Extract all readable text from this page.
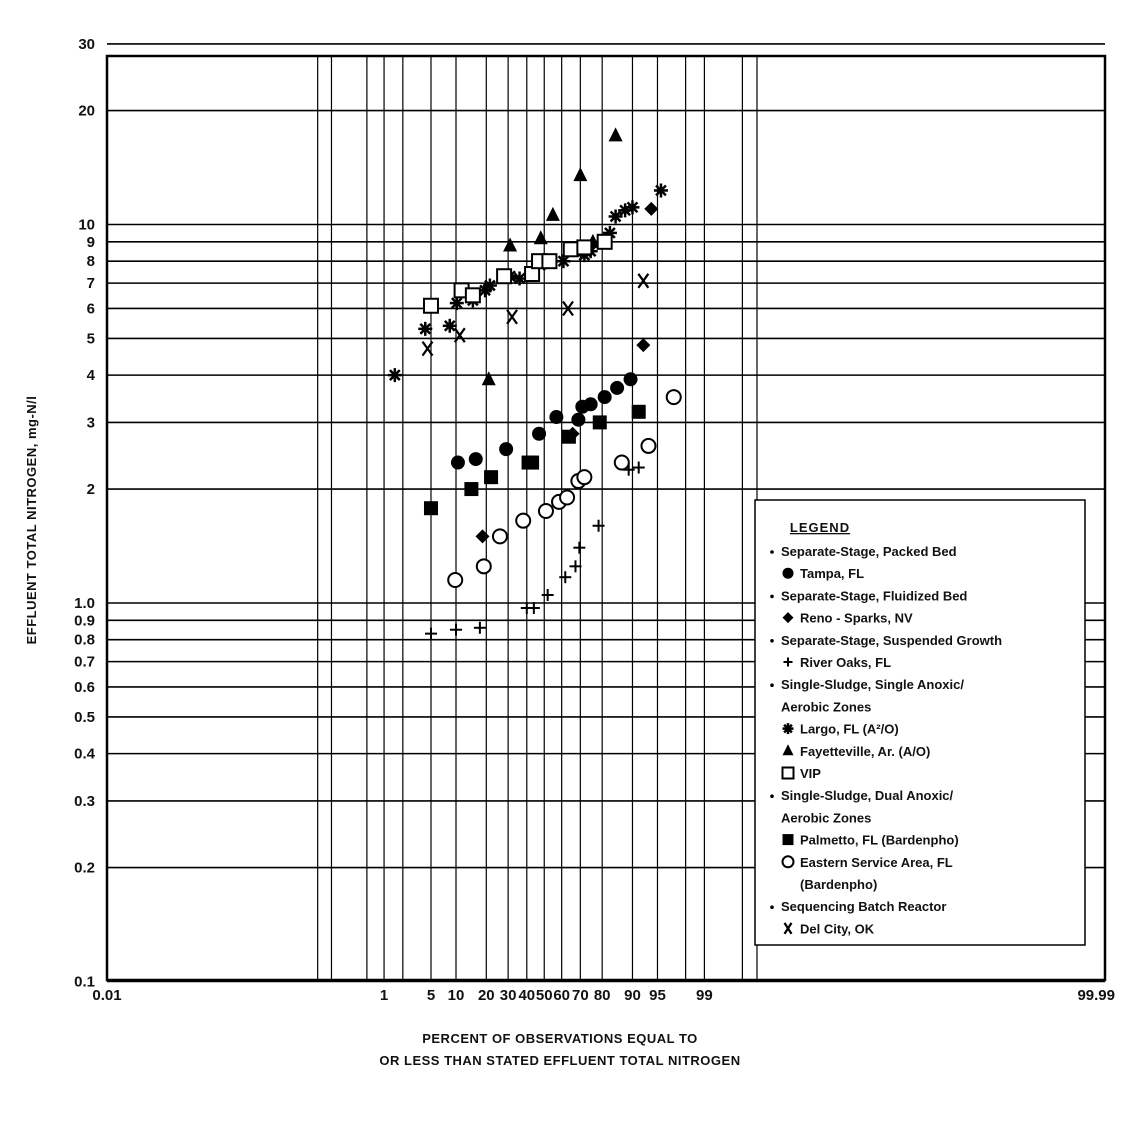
30
20
10
9
8
7
6
5
4
3
2
1.0
0.9
0.8
0.7
0.6
0.5
0.4
0.3
0.2
0.1
0.01	1	5 10 20 30 40 50 60 70 80 90 95 99	99.99
EFFLUENT TOTAL NITROGEN, mg-N/l
PERCENT OF OBSERVATIONS EQUAL TO
OR LESS THAN STATED EFFLUENT TOTAL NITROGEN
LEGEND
Separate-Stage, Packed Bed
Tampa, FL
Separate-Stage, Fluidized Bed
Reno - Sparks, NV
Separate-Stage, Suspended Growth
River Oaks, FL
Single-Sludge, Single Anoxic/
Aerobic Zones
Largo, FL (A²/O)
Fayetteville, Ar. (A/O)
VIP
Single-Sludge, Dual Anoxic/
Aerobic Zones
Palmetto, FL (Bardenpho)
Eastern Service Area, FL
(Bardenpho)
Sequencing Batch Reactor
Del City, OK
